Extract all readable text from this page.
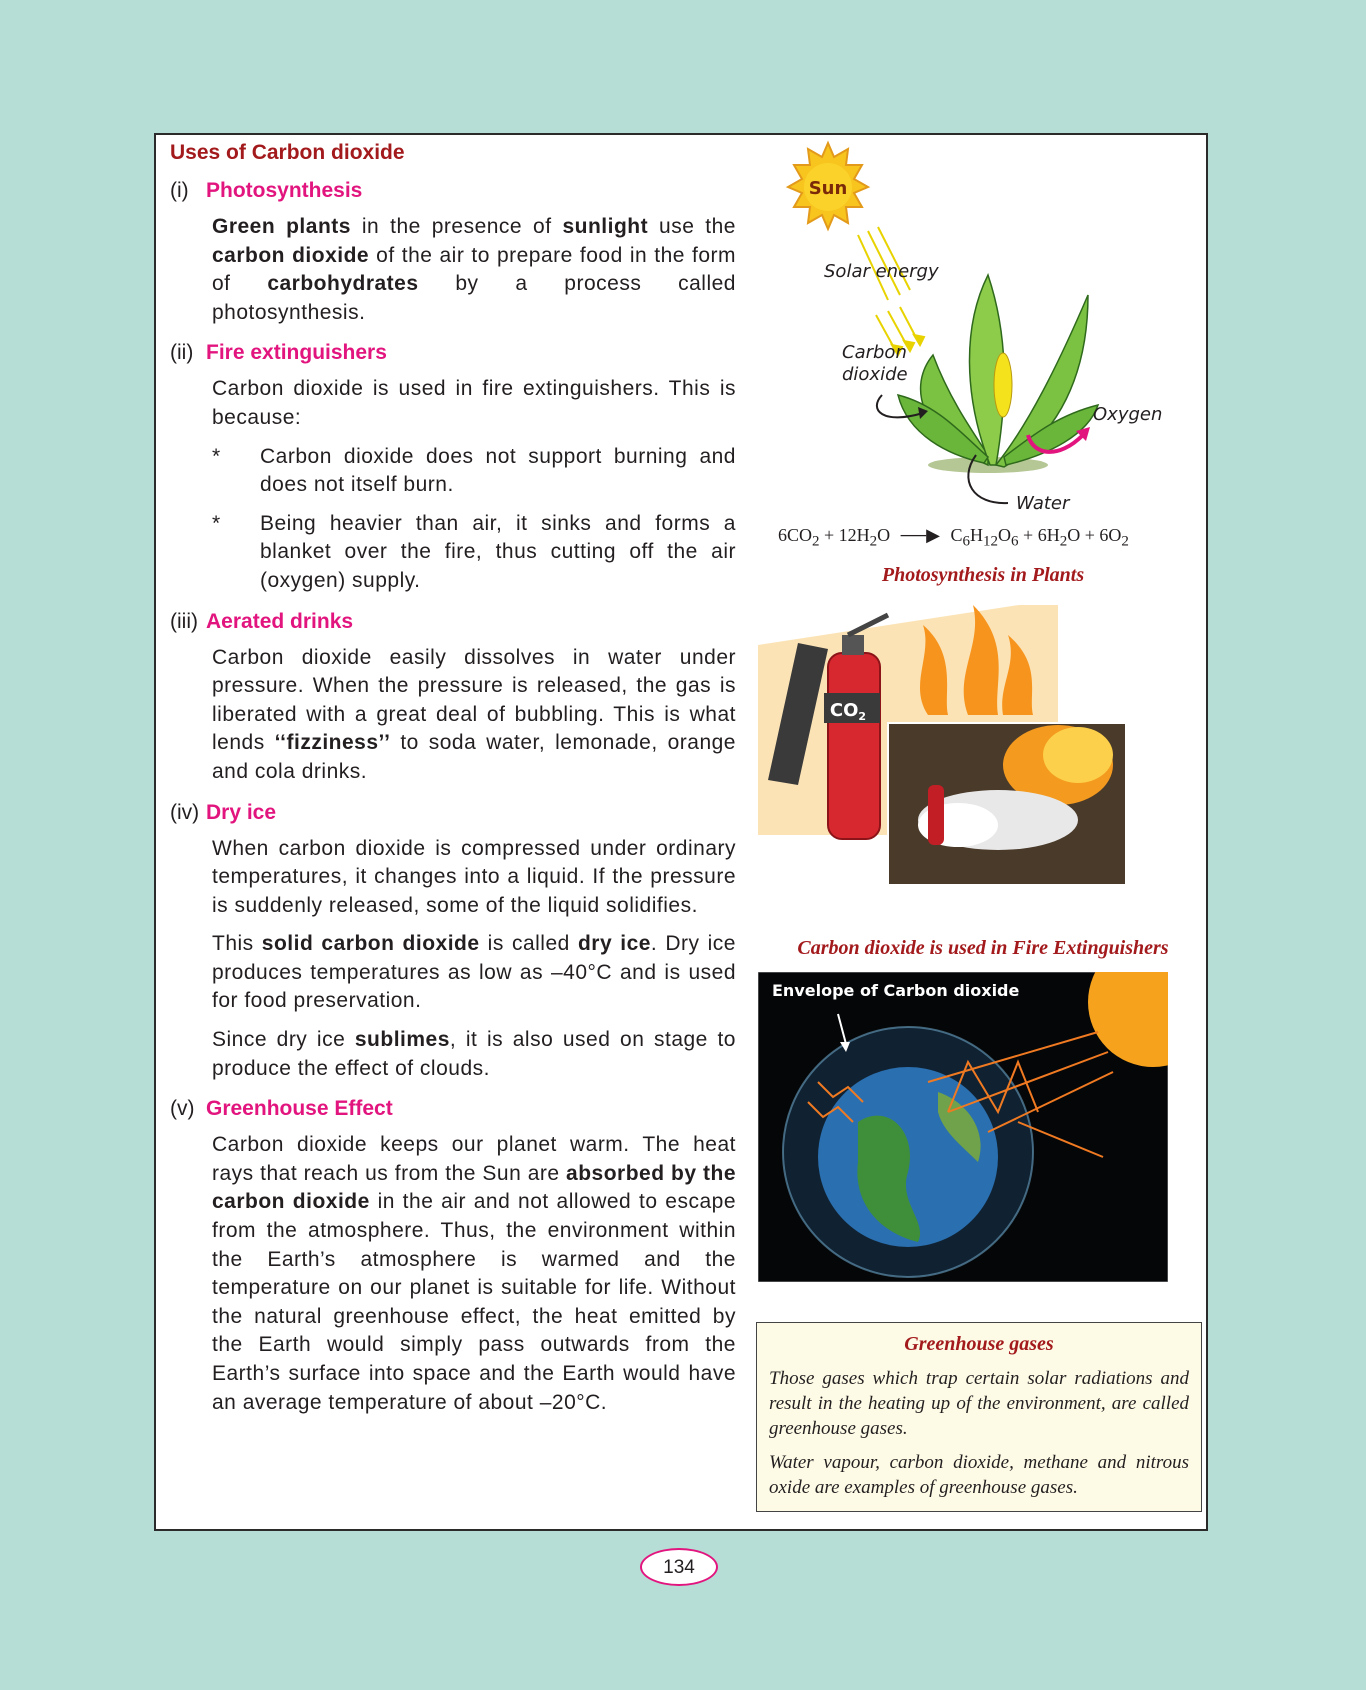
Uses of Carbon dioxide
(i) Photosynthesis

Green plants in the presence of sunlight use the carbon dioxide of the air to prepare food in the form of carbohydrates by a process called photosynthesis.

(ii) Fire extinguishers

Carbon dioxide is used in fire extinguishers. This is because:

*	Carbon dioxide does not support burning and does not itself burn.
*	Being heavier than air, it sinks and forms a blanket over the fire, thus cutting off the air (oxygen) supply.
(iii) Aerated drinks

Carbon dioxide easily dissolves in water under pressure. When the pressure is released, the gas is liberated with a great deal of bubbling. This is what lends ‘‘fizziness’’ to soda water, lemonade, orange and cola drinks.

(iv) Dry ice

When carbon dioxide is compressed under ordinary temperatures, it changes into a liquid. If the pressure is suddenly released, some of the liquid solidifies.

This solid carbon dioxide is called dry ice. Dry ice produces temperatures as low as –40°C and is used for food preservation.

Since dry ice sublimes, it is also used on stage to produce the effect of clouds.

(v) Greenhouse Effect

Carbon dioxide keeps our planet warm. The heat rays that reach us from the Sun are absorbed by the carbon dioxide in the air and not allowed to escape from the atmosphere. Thus, the environment within the Earth’s atmosphere is warmed and the temperature on our planet is suitable for life. Without the natural greenhouse effect, the heat emitted by the Earth would simply pass outwards from the Earth’s surface into space and the Earth would have an average temperature of about –20°C.

Sun
Solar energy
Carbon
dioxide
Oxygen
Water
$6CO_2 + 12H_2O$ ──▶ $C_6H_{12}O_6 + 6H_2O + 6O_2$
Photosynthesis in Plants
$CO_2$
Carbon dioxide is used in Fire Extinguishers
Envelope of Carbon dioxide
Greenhouse gases

Those gases which trap certain solar radiations and result in the heating up of the environment, are called greenhouse gases.

Water vapour, carbon dioxide, methane and nitrous oxide are examples of greenhouse gases.

134
